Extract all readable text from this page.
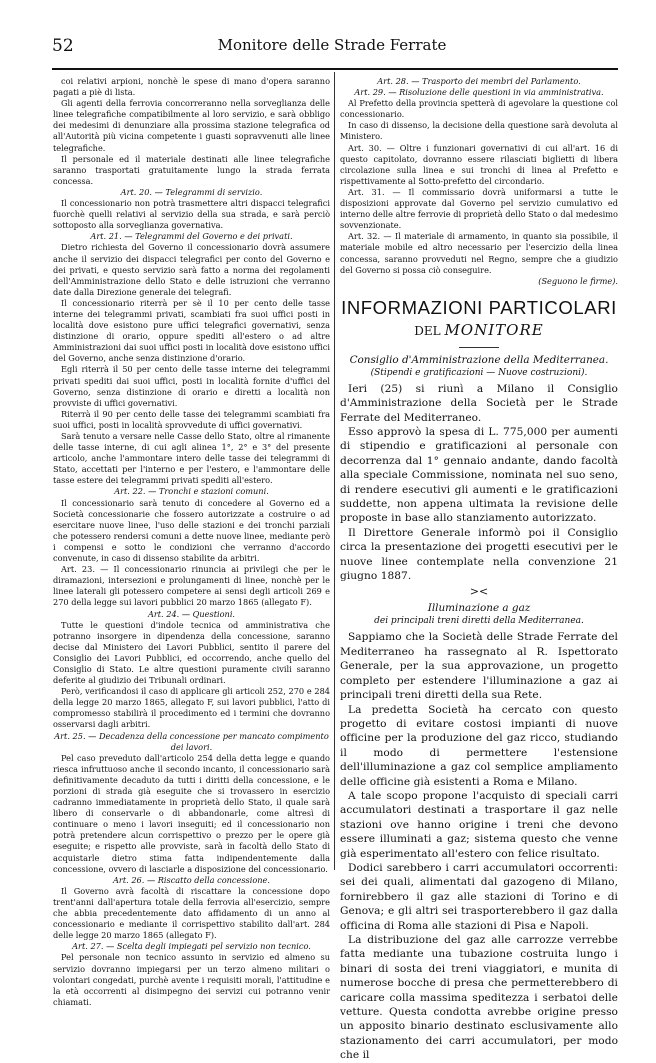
52	Monitore delle Strade Ferrate

coi relativi arpioni, nonchè le spese di mano d'opera saranno pagati a piè di lista.

Gli agenti della ferrovia concorreranno nella sorveglianza delle linee telegrafiche compatibilmente al loro servizio, e sarà obbligo dei medesimi di denunziare alla prossima stazione telegrafica od all'Autorità più vicina competente i guasti sopravvenuti alle linee telegrafiche.

Il personale ed il materiale destinati alle linee telegrafiche saranno trasportati gratuitamente lungo la strada ferrata concessa.

Art. 20. — Telegrammi di servizio.

Il concessionario non potrà trasmettere altri dispacci telegrafici fuorchè quelli relativi al servizio della sua strada, e sarà perciò sottoposto alla sorveglianza governativa.

Art. 21. — Telegrammi del Governo e dei privati.

Dietro richiesta del Governo il concessionario dovrà assumere anche il servizio dei dispacci telegrafici per conto del Governo e dei privati, e questo servizio sarà fatto a norma dei regolamenti dell'Amministrazione dello Stato e delle istruzioni che verranno date dalla Direzione generale dei telegrafi.

Il concessionario riterrà per sè il 10 per cento delle tasse interne dei telegrammi privati, scambiati fra suoi uffici posti in località dove esistono pure uffici telegrafici governativi, senza distinzione di orario, oppure spediti all'estero o ad altre Amministrazioni dai suoi uffici posti in località dove esistono uffici del Governo, anche senza distinzione d'orario.

Egli riterrà il 50 per cento delle tasse interne dei telegrammi privati spediti dai suoi uffici, posti in località fornite d'uffici del Governo, senza distinzione di orario e diretti a località non provviste di uffici governativi.

Riterrà il 90 per cento delle tasse dei telegrammi scambiati fra suoi uffici, posti in località sprovvedute di uffici governativi.

Sarà tenuto a versare nelle Casse dello Stato, oltre al rimanente delle tasse interne, di cui agli alinea 1°, 2° e 3° del presente articolo, anche l'ammontare intero delle tasse dei telegrammi di Stato, accettati per l'interno e per l'estero, e l'ammontare delle tasse estere dei telegrammi privati spediti all'estero.

Art. 22. — Tronchi e stazioni comuni.

Il concessionario sarà tenuto di concedere al Governo ed a Società concessionarie che fossero autorizzate a costruire o ad esercitare nuove linee, l'uso delle stazioni e dei tronchi parziali che potessero rendersi comuni a dette nuove linee, mediante però i compensi e sotto le condizioni che verranno d'accordo convenute, in caso di dissenso stabilite da arbitri.

Art. 23. — Il concessionario rinuncia ai privilegi che per le diramazioni, intersezioni e prolungamenti di linee, nonchè per le linee laterali gli potessero competere ai sensi degli articoli 269 e 270 della legge sui lavori pubblici 20 marzo 1865 (allegato F).

Art. 24. — Questioni.

Tutte le questioni d'indole tecnica od amministrativa che potranno insorgere in dipendenza della concessione, saranno decise dal Ministero dei Lavori Pubblici, sentito il parere del Consiglio dei Lavori Pubblici, ed occorrendo, anche quello del Consiglio di Stato. Le altre questioni puramente civili saranno deferite al giudizio dei Tribunali ordinari.

Però, verificandosi il caso di applicare gli articoli 252, 270 e 284 della legge 20 marzo 1865, allegato F, sui lavori pubblici, l'atto di compromesso stabilirà il procedimento ed i termini che dovranno osservarsi dagli arbitri.

Art. 25. — Decadenza della concessione per mancato compimento dei lavori.

Pel caso preveduto dall'articolo 254 della detta legge e quando riesca infruttuoso anche il secondo incanto, il concessionario sarà definitivamente decaduto da tutti i diritti della concessione, e le porzioni di strada già eseguite che si trovassero in esercizio cadranno immediatamente in proprietà dello Stato, il quale sarà libero di conservarle o di abbandonarle, come altresì di continuare o meno i lavori inseguiti; ed il concessionario non potrà pretendere alcun corrispettivo o prezzo per le opere già eseguite; e rispetto alle provviste, sarà in facoltà dello Stato di acquistarle dietro stima fatta indipendentemente dalla concessione, ovvero di lasciarle a disposizione del concessionario.

Art. 26. — Riscatto della concessione.

Il Governo avrà facoltà di riscattare la concessione dopo trent'anni dall'apertura totale della ferrovia all'esercizio, sempre che abbia precedentemente dato affidamento di un anno al concessionario e mediante il corrispettivo stabilito dall'art. 284 delle legge 20 marzo 1865 (allegato F).

Art. 27. — Scelta degli impiegati pel servizio non tecnico.

Pel personale non tecnico assunto in servizio ed almeno su servizio dovranno impiegarsi per un terzo almeno militari o volontari congedati, purchè avente i requisiti morali, l'attitudine e la età occorrenti al disimpegno dei servizi cui potranno venir chiamati.

Art. 28. — Trasporto dei membri del Parlamento.

Art. 29. — Risoluzione delle questioni in via amministrativa.

Al Prefetto della provincia spetterà di agevolare la questione col concessionario.

In caso di dissenso, la decisione della questione sarà devoluta al Ministero.

Art. 30. — Oltre i funzionari governativi di cui all'art. 16 di questo capitolato, dovranno essere rilasciati biglietti di libera circolazione sulla linea e sui tronchi di linea al Prefetto e rispettivamente al Sotto-prefetto del circondario.

Art. 31. — Il commissario dovrà uniformarsi a tutte le disposizioni approvate dal Governo pel servizio cumulativo ed interno delle altre ferrovie di proprietà dello Stato o dal medesimo sovvenzionate.

Art. 32. — Il materiale di armamento, in quanto sia possibile, il materiale mobile ed altro necessario per l'esercizio della linea concessa, saranno provveduti nel Regno, sempre che a giudizio del Governo si possa ciò conseguire.

(Seguono le firme).

INFORMAZIONI PARTICOLARI

DEL MONITORE

Consiglio d'Amministrazione della Mediterranea.

(Stipendi e gratificazioni — Nuove costruzioni).

Ieri (25) si riunì a Milano il Consiglio d'Amministrazione della Società per le Strade Ferrate del Mediterraneo.

Esso approvò la spesa di L. 775,000 per aumenti di stipendio e gratificazioni al personale con decorrenza dal 1° gennaio andante, dando facoltà alla speciale Commissione, nominata nel suo seno, di rendere esecutivi gli aumenti e le gratificazioni suddette, non appena ultimata la revisione delle proposte in base allo stanziamento autorizzato.

Il Direttore Generale informò poi il Consiglio circa la presentazione dei progetti esecutivi per le nuove linee contemplate nella convenzione 21 giugno 1887.

><

Illuminazione a gaz

dei principali treni diretti della Mediterranea.

Sappiamo che la Società delle Strade Ferrate del Mediterraneo ha rassegnato al R. Ispettorato Generale, per la sua approvazione, un progetto completo per estendere l'illuminazione a gaz ai principali treni diretti della sua Rete.

La predetta Società ha cercato con questo progetto di evitare costosi impianti di nuove officine per la produzione del gaz ricco, studiando il modo di permettere l'estensione dell'illuminazione a gaz col semplice ampliamento delle officine già esistenti a Roma e Milano.

A tale scopo propone l'acquisto di speciali carri accumulatori destinati a trasportare il gaz nelle stazioni ove hanno origine i treni che devono essere illuminati a gaz; sistema questo che venne già esperimentato all'estero con felice risultato.

Dodici sarebbero i carri accumulatori occorrenti: sei dei quali, alimentati dal gazogeno di Milano, fornirebbero il gaz alle stazioni di Torino e di Genova; e gli altri sei trasporterebbero il gaz dalla officina di Roma alle stazioni di Pisa e Napoli.

La distribuzione del gaz alle carrozze verrebbe fatta mediante una tubazione costruita lungo i binari di sosta dei treni viaggiatori, e munita di numerose bocche di presa che permetterebbero di caricare colla massima speditezza i serbatoi delle vetture. Questa condotta avrebbe origine presso un apposito binario destinato esclusivamente allo stazionamento dei carri accumulatori, per modo che il
